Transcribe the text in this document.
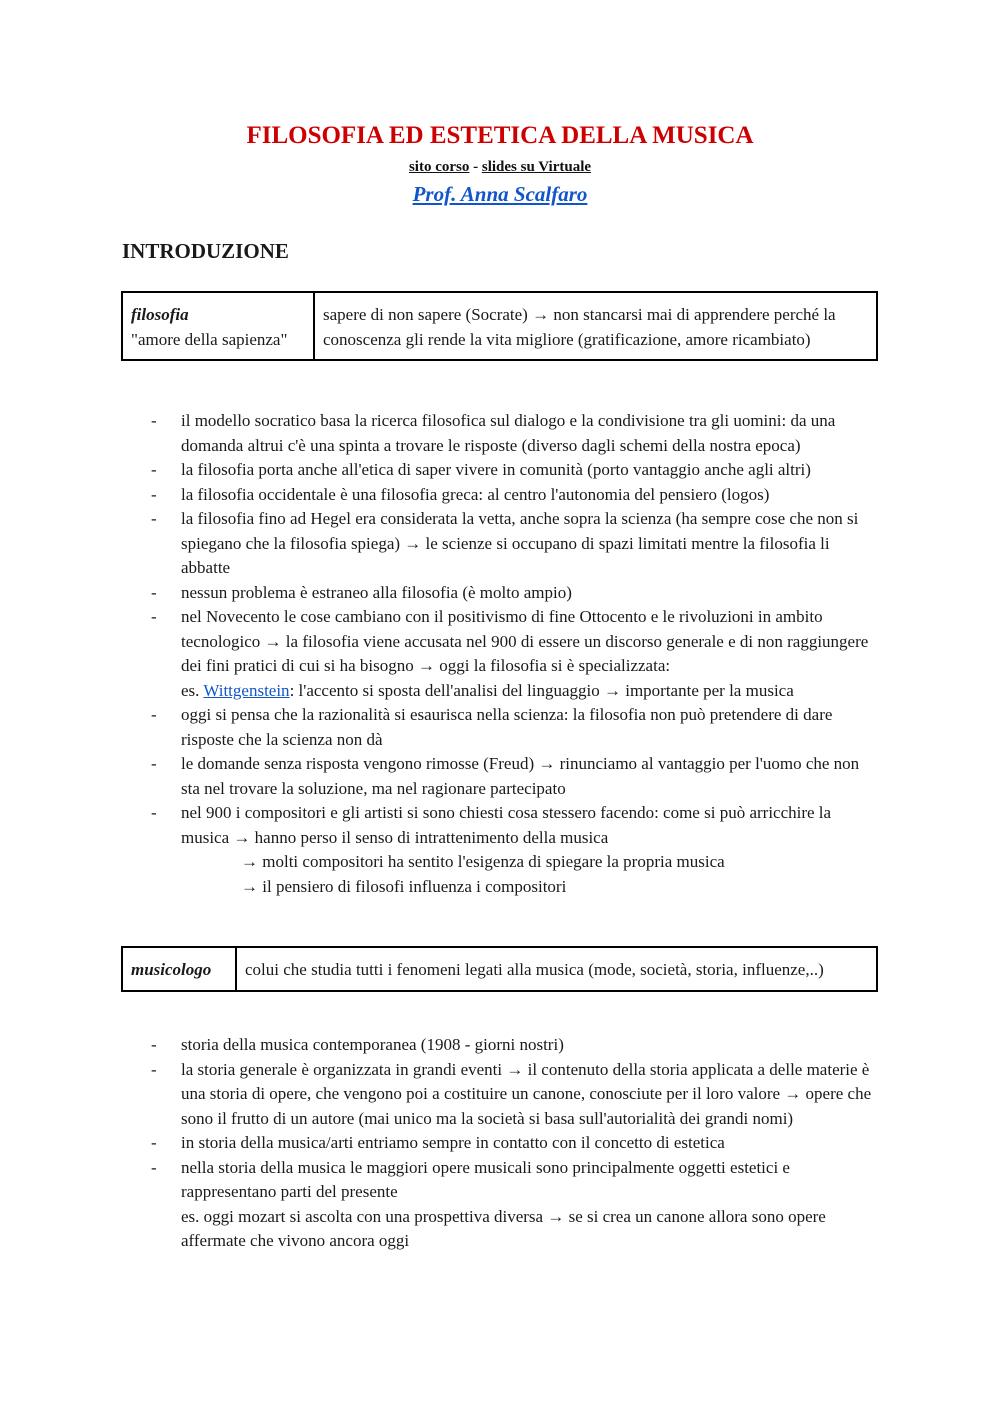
FILOSOFIA ED ESTETICA DELLA MUSICA
sito corso - slides su Virtuale
Prof. Anna Scalfaro
INTRODUZIONE
filosofia
"amore della sapienza"
	sapere di non sapere (Socrate) → non stancarsi mai di apprendere perché la conoscenza gli rende la vita migliore (gratificazione, amore ricambiato)
- il modello socratico basa la ricerca filosofica sul dialogo e la condivisione tra gli uomini: da una domanda altrui c'è una spinta a trovare le risposte (diverso dagli schemi della nostra epoca)
- la filosofia porta anche all'etica di saper vivere in comunità (porto vantaggio anche agli altri)
- la filosofia occidentale è una filosofia greca: al centro l'autonomia del pensiero (logos)
- la filosofia fino ad Hegel era considerata la vetta, anche sopra la scienza (ha sempre cose che non si spiegano che la filosofia spiega) → le scienze si occupano di spazi limitati mentre la filosofia li abbatte
- nessun problema è estraneo alla filosofia (è molto ampio)
- nel Novecento le cose cambiano con il positivismo di fine Ottocento e le rivoluzioni in ambito tecnologico → la filosofia viene accusata nel 900 di essere un discorso generale e di non raggiungere dei fini pratici di cui si ha bisogno → oggi la filosofia si è specializzata:
es. Wittgenstein: l'accento si sposta dell'analisi del linguaggio → importante per la musica
- oggi si pensa che la razionalità si esaurisca nella scienza: la filosofia non può pretendere di dare risposte che la scienza non dà
- le domande senza risposta vengono rimosse (Freud) → rinunciamo al vantaggio per l'uomo che non sta nel trovare la soluzione, ma nel ragionare partecipato
- nel 900 i compositori e gli artisti si sono chiesti cosa stessero facendo: come si può arricchire la musica → hanno perso il senso di intrattenimento della musica
→ molti compositori ha sentito l'esigenza di spiegare la propria musica
→ il pensiero di filosofi influenza i compositori
musicologo	colui che studia tutti i fenomeni legati alla musica (mode, società, storia, influenze,..)
- storia della musica contemporanea (1908 - giorni nostri)
- la storia generale è organizzata in grandi eventi → il contenuto della storia applicata a delle materie è una storia di opere, che vengono poi a costituire un canone, conosciute per il loro valore → opere che sono il frutto di un autore (mai unico ma la società si basa sull'autorialità dei grandi nomi)
- in storia della musica/arti entriamo sempre in contatto con il concetto di estetica
- nella storia della musica le maggiori opere musicali sono principalmente oggetti estetici e rappresentano parti del presente
es. oggi mozart si ascolta con una prospettiva diversa → se si crea un canone allora sono opere affermate che vivono ancora oggi
